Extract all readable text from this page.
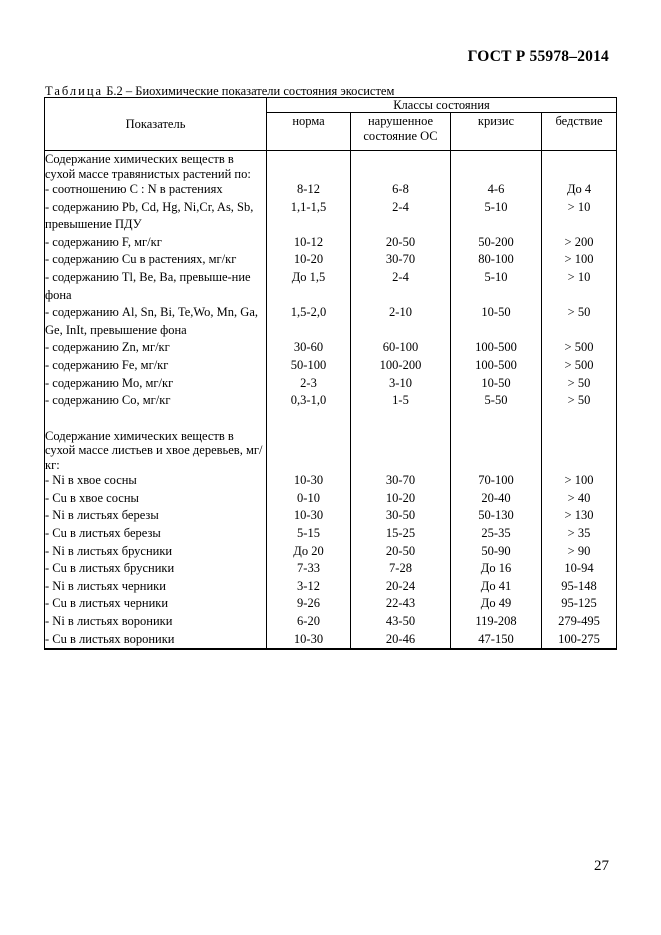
ГОСТ Р 55978–2014
Таблица Б.2 – Биохимические показатели состояния экосистем
Показатель	Классы состояния			
	норма	нарушенное состояние ОС	кризис	бедствие
Содержание химических веществ в сухой массе травянистых растений по:				
- соотношению C : N в растениях	8-12	6-8	4-6	До 4
- содержанию Pb, Cd, Hg, Ni,Cr, As, Sb, превышение ПДУ	1,1-1,5	2-4	5-10	> 10
- содержанию F, мг/кг	10-12	20-50	50-200	> 200
- содержанию Cu в растениях, мг/кг	10-20	30-70	80-100	> 100
- содержанию Tl, Be, Ba, превыше-ние фона	До 1,5	2-4	5-10	> 10
- содержанию Al, Sn, Bi, Te,Wo, Mn, Ga, Ge, InIt, превышение фона	1,5-2,0	2-10	10-50	> 50
- содержанию Zn, мг/кг	30-60	60-100	100-500	> 500
- содержанию Fe, мг/кг	50-100	100-200	100-500	> 500
- содержанию Mo, мг/кг	2-3	3-10	10-50	> 50
- содержанию Co, мг/кг	0,3-1,0	1-5	5-50	> 50

Содержание химических веществ в сухой массе листьев и хвое деревьев, мг/кг:				
- Ni в хвое сосны	10-30	30-70	70-100	> 100
- Cu в хвое сосны	0-10	10-20	20-40	> 40
- Ni в листьях березы	10-30	30-50	50-130	> 130
- Cu в листьях березы	5-15	15-25	25-35	> 35
- Ni в листьях брусники	До 20	20-50	50-90	> 90
- Cu в листьях брусники	7-33	7-28	До 16	10-94
- Ni в листьях черники	3-12	20-24	До 41	95-148
- Cu в листьях черники	9-26	22-43	До 49	95-125
- Ni в листьях вороники	6-20	43-50	119-208	279-495
- Cu в листьях вороники	10-30	20-46	47-150	100-275
27
